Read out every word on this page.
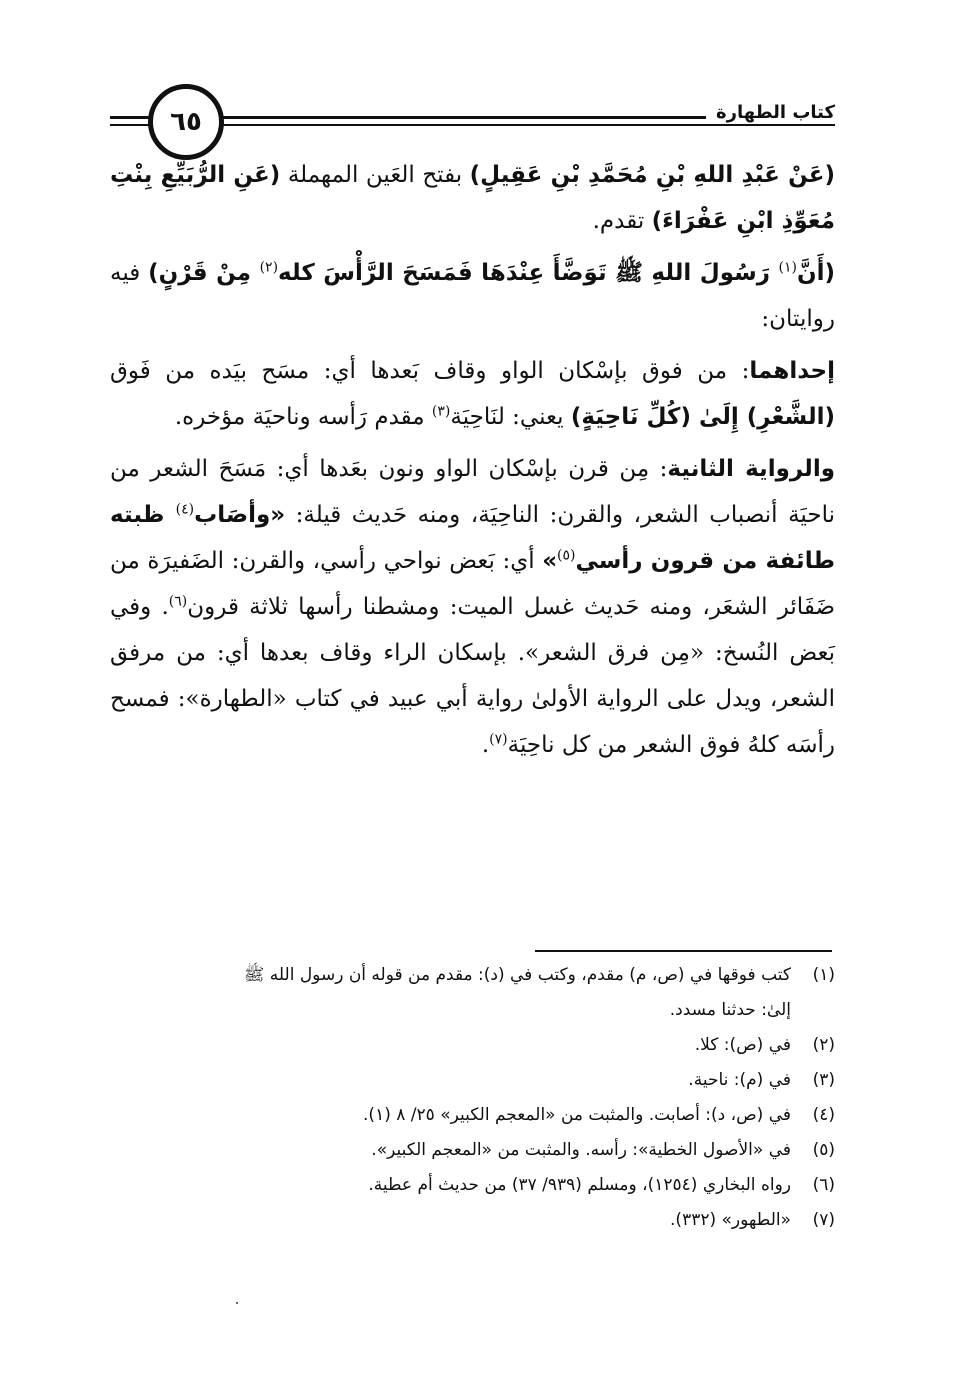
كتاب الطهارة
٦٥

(عَنْ عَبْدِ اللهِ بْنِ مُحَمَّدِ بْنِ عَقِيلٍ) بفتح العَين المهملة (عَنِ الرُّبَيِّعِ بِنْتِ مُعَوِّذِ ابْنِ عَفْرَاءَ) تقدم.

(أَنَّ$^{(١)}$ رَسُولَ اللهِ ﷺ تَوَضَّأَ عِنْدَهَا فَمَسَحَ الرَّأْسَ كله$^{(٢)}$ مِنْ قَرْنٍ) فيه روايتان:

إحداهما: من فوق بإسْكان الواو وقاف بَعدها أي: مسَح بيَده من فَوق (الشَّعْرِ) إِلَىٰ (كُلِّ نَاحِيَةٍ) يعني: لنَاحِيَة$^{(٣)}$ مقدم رَأسه وناحيَة مؤخره.

والرواية الثانية: مِن قرن بإسْكان الواو ونون بعَدها أي: مَسَحَ الشعر من ناحيَة أنصباب الشعر، والقرن: الناحِيَة، ومنه حَديث قيلة: «وأصَاب$^{(٤)}$ ظبته طائفة من قرون رأسي$^{(٥)}$» أي: بَعض نواحي رأسي، والقرن: الضَفيرَة من ضَفَائر الشعَر، ومنه حَديث غسل الميت: ومشطنا رأسها ثلاثة قرون$^{(٦)}$. وفي بَعض النُسخ: «مِن فرق الشعر». بإسكان الراء وقاف بعدها أي: من مرفق الشعر، ويدل على الرواية الأولىٰ رواية أبي عبيد في كتاب «الطهارة»: فمسح رأسَه كلهُ فوق الشعر من كل ناحِيَة$^{(٧)}$.

(١)
كتب فوقها في (ص، م) مقدم، وكتب في (د): مقدم من قوله أن رسول الله ﷺ
إلىٰ: حدثنا مسدد.
(٢)
في (ص): كلا.
(٣)
في (م): ناحية.
(٤)
في (ص، د): أصابت. والمثبت من «المعجم الكبير» ٢٥/ ٨ (١).
(٥)
في «الأصول الخطية»: رأسه. والمثبت من «المعجم الكبير».
(٦)
رواه البخاري (١٢٥٤)، ومسلم (٩٣٩/ ٣٧) من حديث أم عطية.
(٧)
«الطهور» (٣٣٢).
